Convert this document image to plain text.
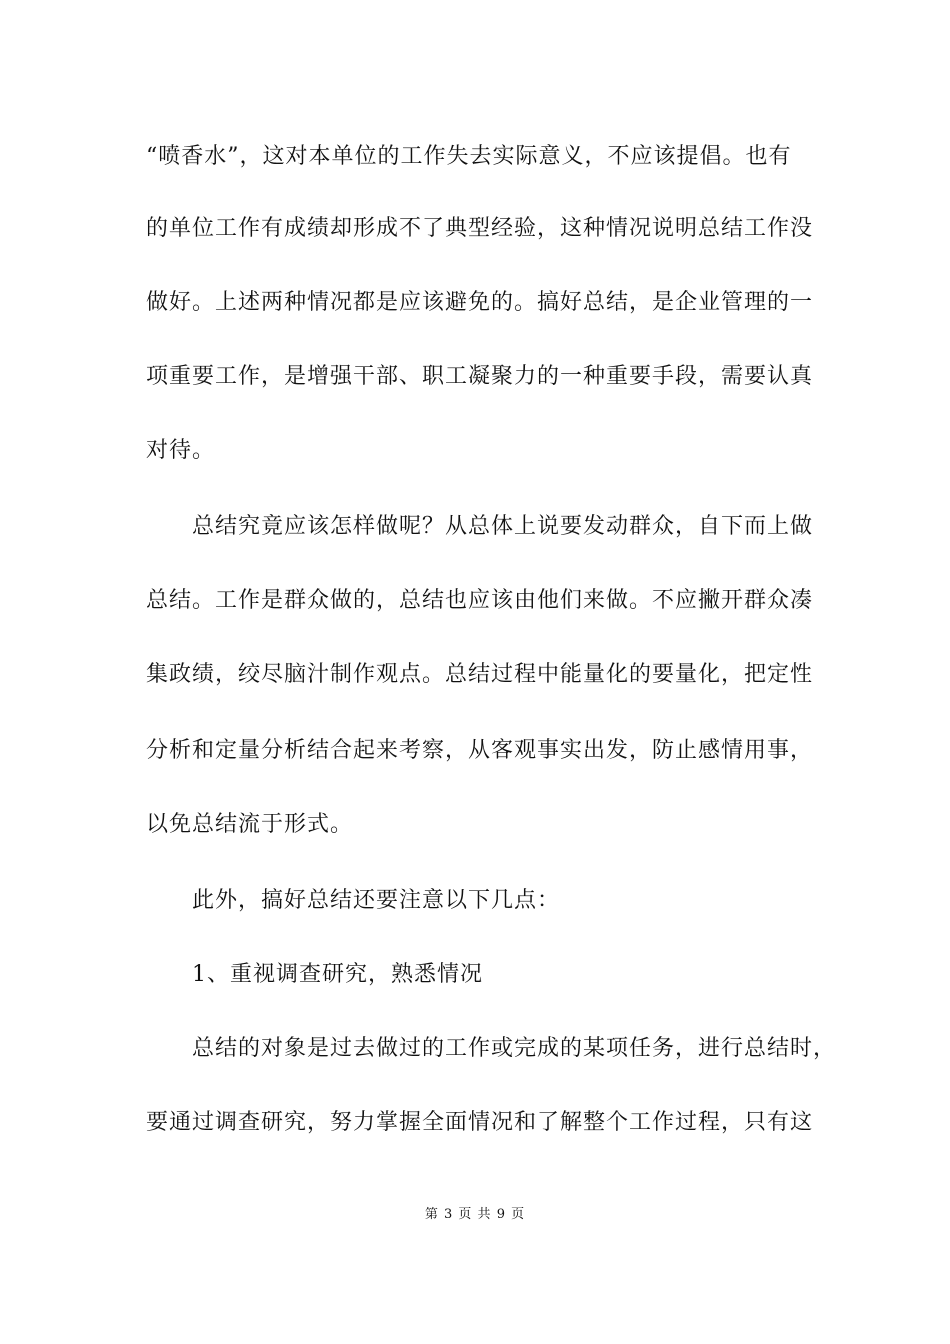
“喷香水”，这对本单位的工作失去实际意义，不应该提倡。也有
的单位工作有成绩却形成不了典型经验，这种情况说明总结工作没
做好。上述两种情况都是应该避免的。搞好总结，是企业管理的一
项重要工作，是增强干部、职工凝聚力的一种重要手段，需要认真
对待。
　　总结究竟应该怎样做呢？从总体上说要发动群众，自下而上做
总结。工作是群众做的，总结也应该由他们来做。不应撇开群众凑
集政绩，绞尽脑汁制作观点。总结过程中能量化的要量化，把定性
分析和定量分析结合起来考察，从客观事实出发，防止感情用事，
以免总结流于形式。
　　此外，搞好总结还要注意以下几点：
　　1、重视调查研究，熟悉情况
　　总结的对象是过去做过的工作或完成的某项任务，进行总结时，
要通过调查研究，努力掌握全面情况和了解整个工作过程，只有这
第 3 页 共 9 页
